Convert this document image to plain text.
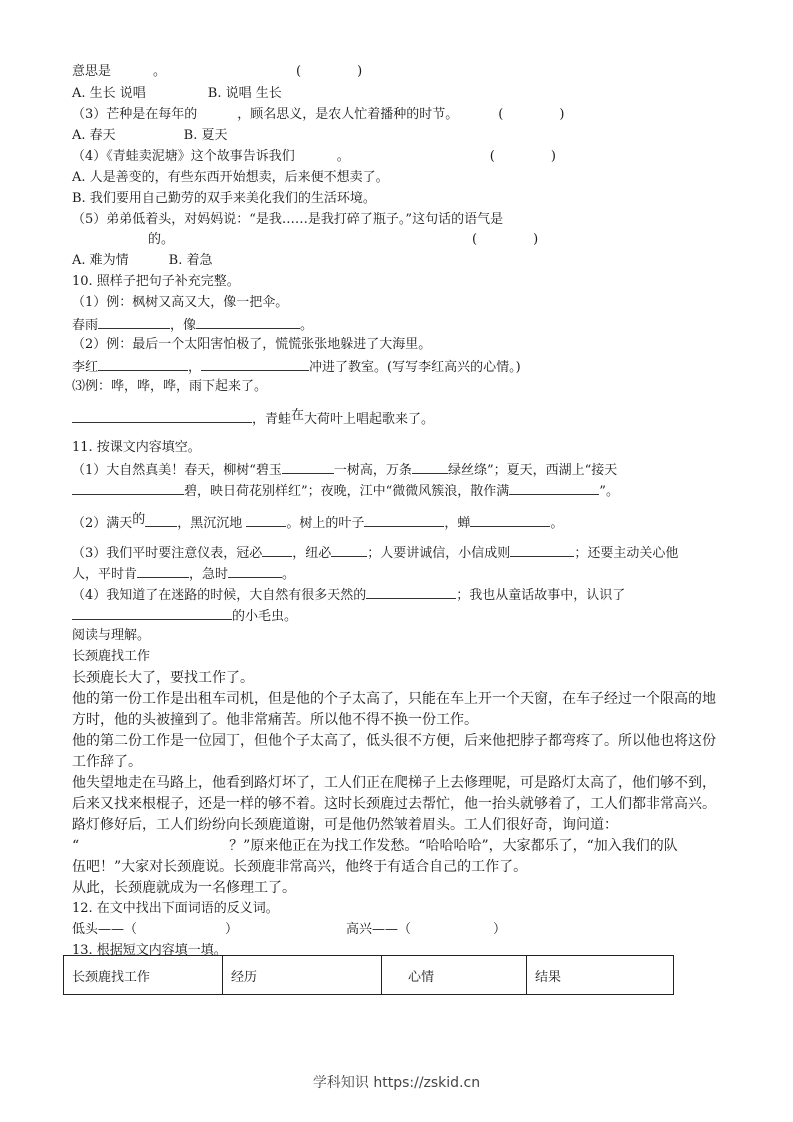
意思是	。	(	)
A. 生长 说唱	B. 说唱 生长
（3）芒种是在每年的	，顾名思义，是农人忙着播种的时节。	(	)
A. 春天	B. 夏天
（4）《青蛙卖泥塘》这个故事告诉我们	。	(	)
A. 人是善变的，有些东西开始想卖，后来便不想卖了。
B. 我们要用自己勤劳的双手来美化我们的生活环境。
（5）弟弟低着头，对妈妈说：“是我……是我打碎了瓶子。”这句话的语气是
的。	(	)
A. 难为情	B. 着急
10. 照样子把句子补充完整。
（1）例：枫树又高又大，像一把伞。
春雨	，像	。
（2）例：最后一个太阳害怕极了，慌慌张张地躲进了大海里。
李红	，	冲进了教室。(写写李红高兴的心情。)
⑶例：哗，哗，哗，雨下起来了。
，青蛙在大荷叶上唱起歌来了。
11. 按课文内容填空。
（1）大自然真美！春天，柳树“碧玉	一树高，万条	绿丝绦”；夏天，西湖上“接天
碧，映日荷花别样红”；夜晚，江中“微微风簇浪，散作满	”。
（2）满天的 ，黑沉沉地	。树上的叶子	，蝉	。
（3）我们平时要注意仪表，冠必 ，纽必	；人要讲诚信，小信成则	；还要主动关心他
人，平时肯	，急时	。
（4）我知道了在迷路的时候，大自然有很多天然的	；我也从童话故事中，认识了
的小毛虫。
阅读与理解。
长颈鹿找工作
长颈鹿长大了，要找工作了。
他的第一份工作是出租车司机，但是他的个子太高了，只能在车上开一个天窗，在车子经过一个限高的地
方时，他的头被撞到了。他非常痛苦。所以他不得不换一份工作。
他的第二份工作是一位园丁，但他个子太高了，低头很不方便，后来他把脖子都弯疼了。所以他也将这份
工作辞了。
他失望地走在马路上，他看到路灯坏了，工人们正在爬梯子上去修理呢，可是路灯太高了，他们够不到，
后来又找来根棍子，还是一样的够不着。这时长颈鹿过去帮忙，他一抬头就够着了，工人们都非常高兴。
路灯修好后，工人们纷纷向长颈鹿道谢，可是他仍然皱着眉头。工人们很好奇，询问道：
“	？”原来他正在为找工作发愁。“哈哈哈哈”，大家都乐了，“加入我们的队
伍吧！”大家对长颈鹿说。长颈鹿非常高兴，他终于有适合自己的工作了。
从此，长颈鹿就成为一名修理工了。
12. 在文中找出下面词语的反义词。
低头——（	）	高兴——（	）
13. 根据短文内容填一填。
长颈鹿找工作	经历	心情	结果
学科知识 https://zskid.cn
